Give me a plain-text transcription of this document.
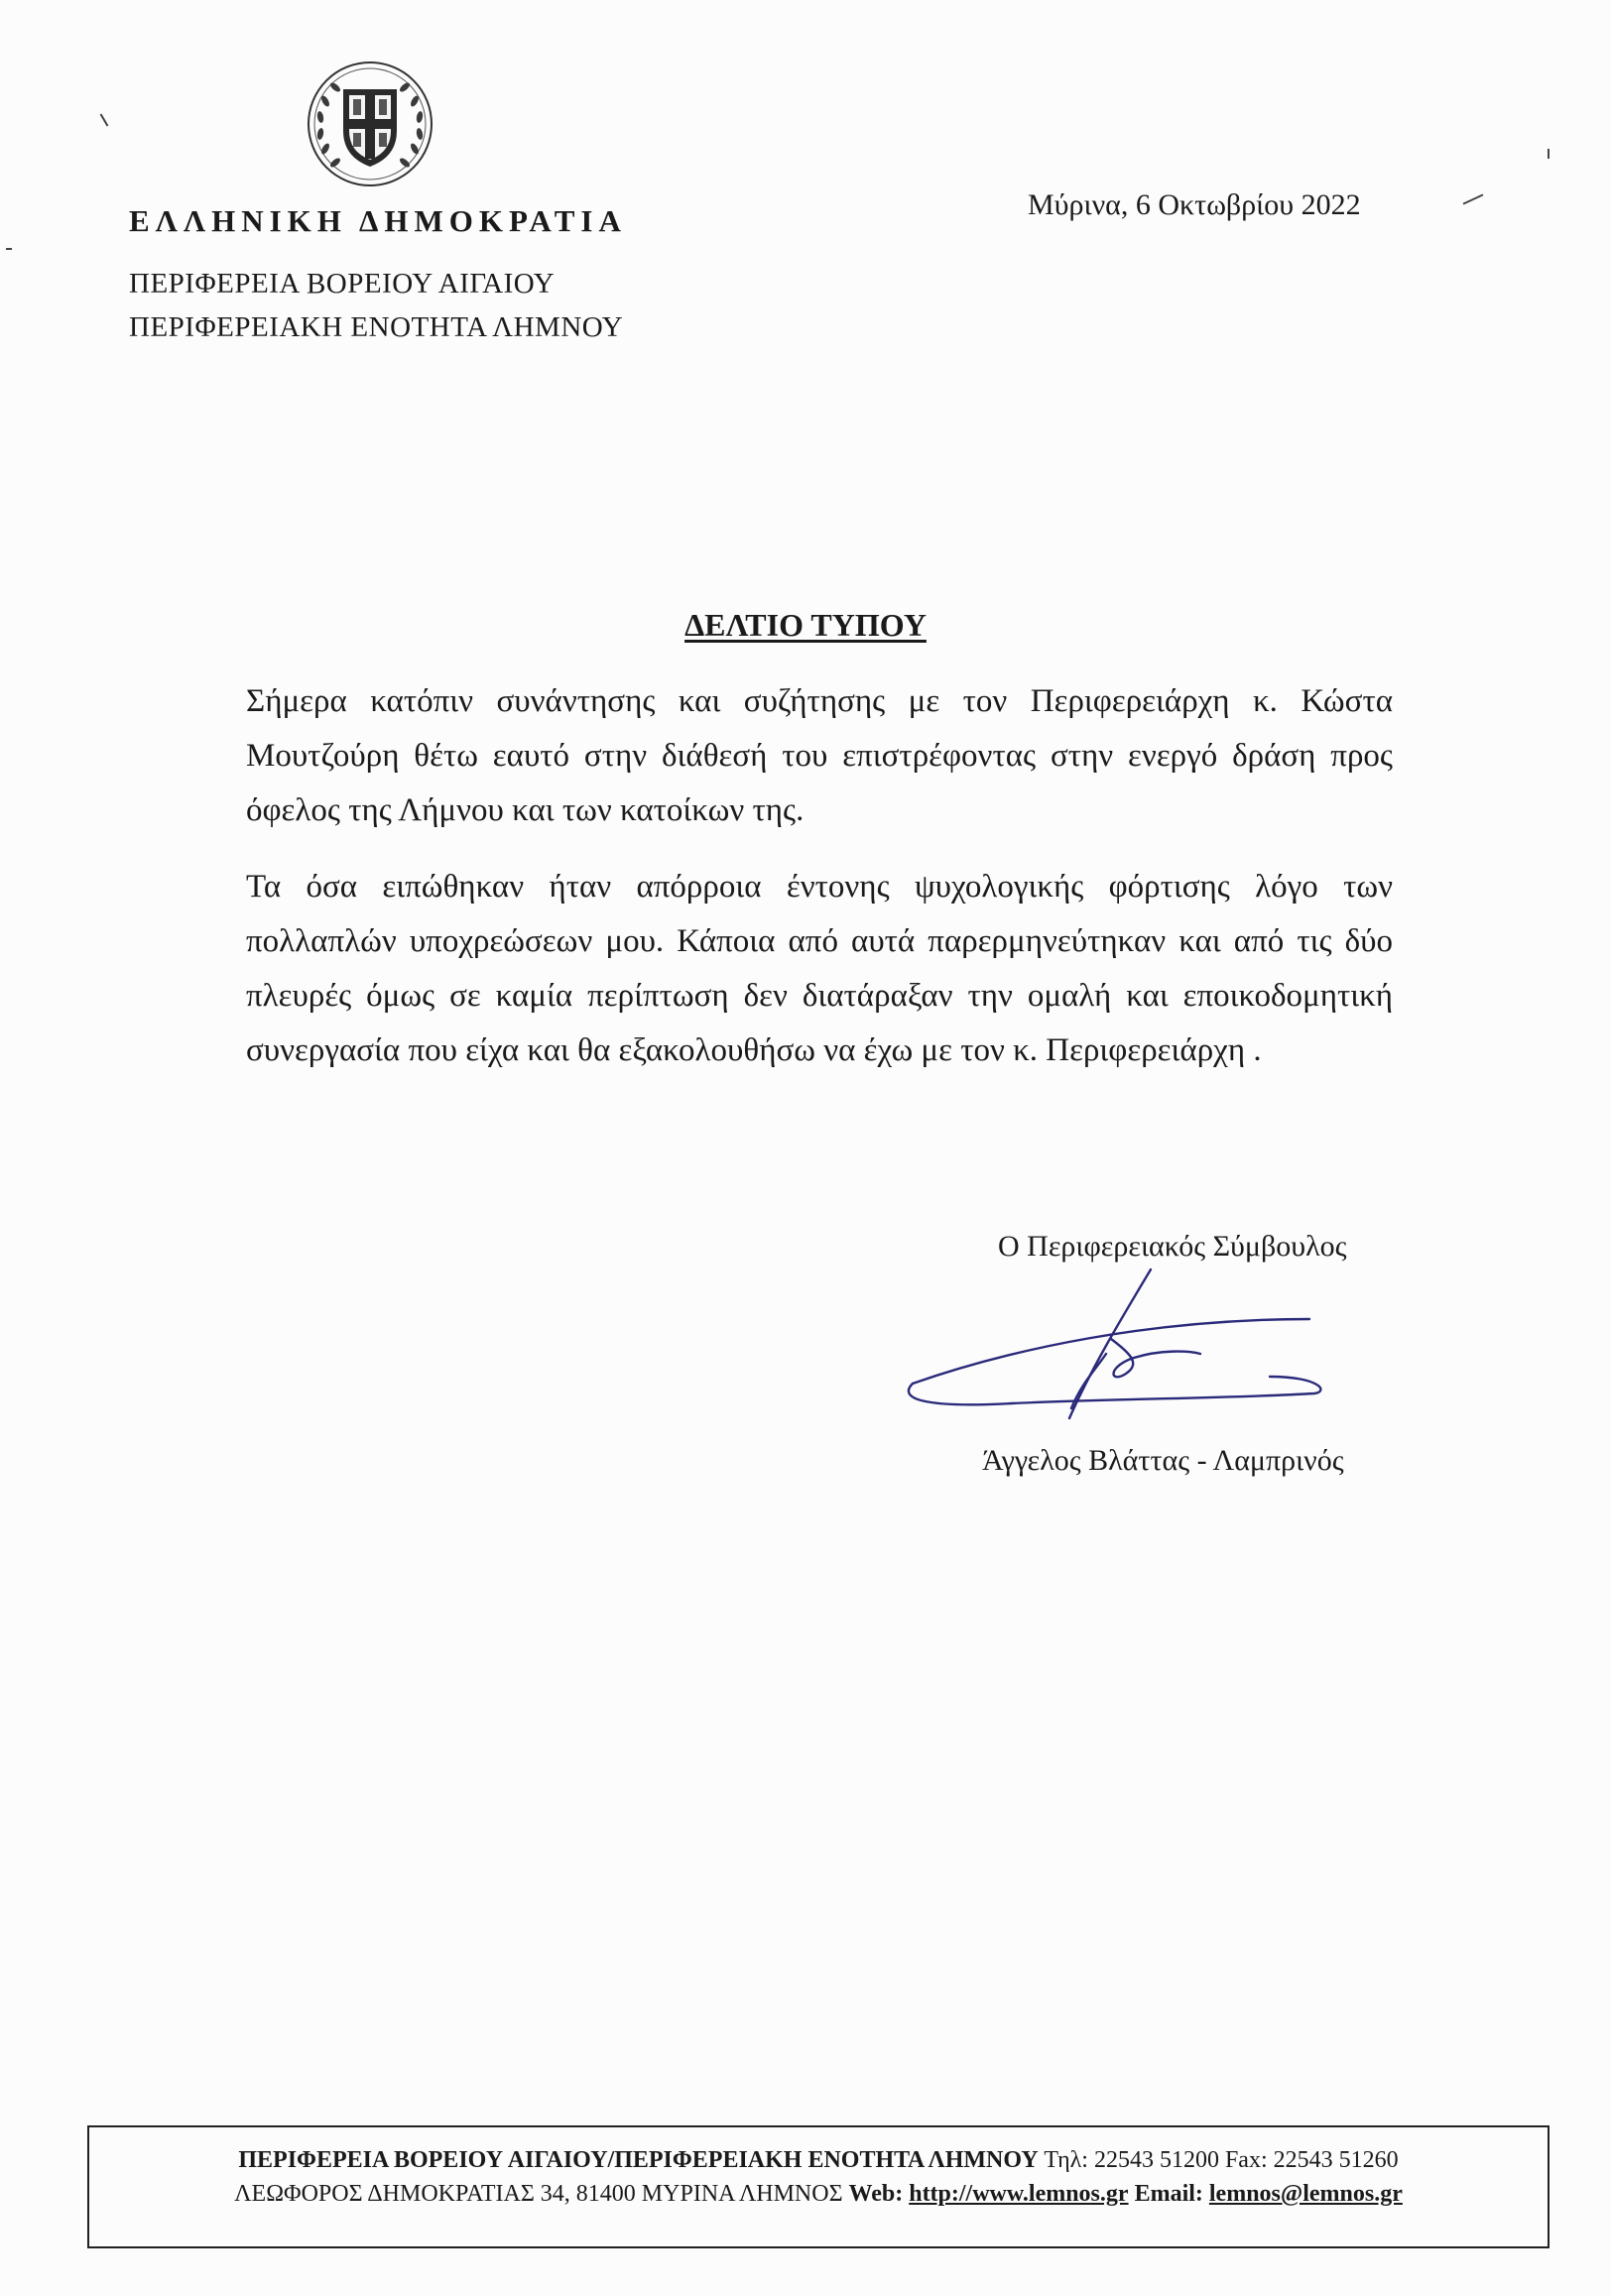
ΕΛΛΗΝΙΚΗ ΔΗΜΟΚΡΑΤΙΑ
ΠΕΡΙΦΕΡΕΙΑ ΒΟΡΕΙΟΥ ΑΙΓΑΙΟΥ
ΠΕΡΙΦΕΡΕΙΑΚΗ ΕΝΟΤΗΤΑ ΛΗΜΝΟΥ
Μύρινα, 6 Οκτωβρίου 2022
ΔΕΛΤΙΟ ΤΥΠΟΥ

Σήμερα κατόπιν συνάντησης και συζήτησης με τον Περιφερειάρχη κ. Κώστα Μουτζούρη θέτω εαυτό στην διάθεσή του επιστρέφοντας στην ενεργό δράση προς όφελος της Λήμνου και των κατοίκων της.

Τα όσα ειπώθηκαν ήταν απόρροια έντονης ψυχολογικής φόρτισης λόγο των πολλαπλών υποχρεώσεων μου. Κάποια από αυτά παρερμηνεύτηκαν και από τις δύο πλευρές όμως σε καμία περίπτωση δεν διατάραξαν την ομαλή και εποικοδομητική συνεργασία που είχα και θα εξακολουθήσω να έχω με τον κ. Περιφερειάρχη .

Ο Περιφερειακός Σύμβουλος
Άγγελος Βλάττας - Λαμπρινός
ΠΕΡΙΦΕΡΕΙΑ ΒΟΡΕΙΟΥ ΑΙΓΑΙΟΥ/ΠΕΡΙΦΕΡΕΙΑΚΗ ΕΝΟΤΗΤΑ ΛΗΜΝΟΥ Τηλ: 22543 51200 Fax: 22543 51260
ΛΕΩΦΟΡΟΣ ΔΗΜΟΚΡΑΤΙΑΣ 34, 81400 ΜΥΡΙΝΑ ΛΗΜΝΟΣ Web: http://www.lemnos.gr Email: lemnos@lemnos.gr
